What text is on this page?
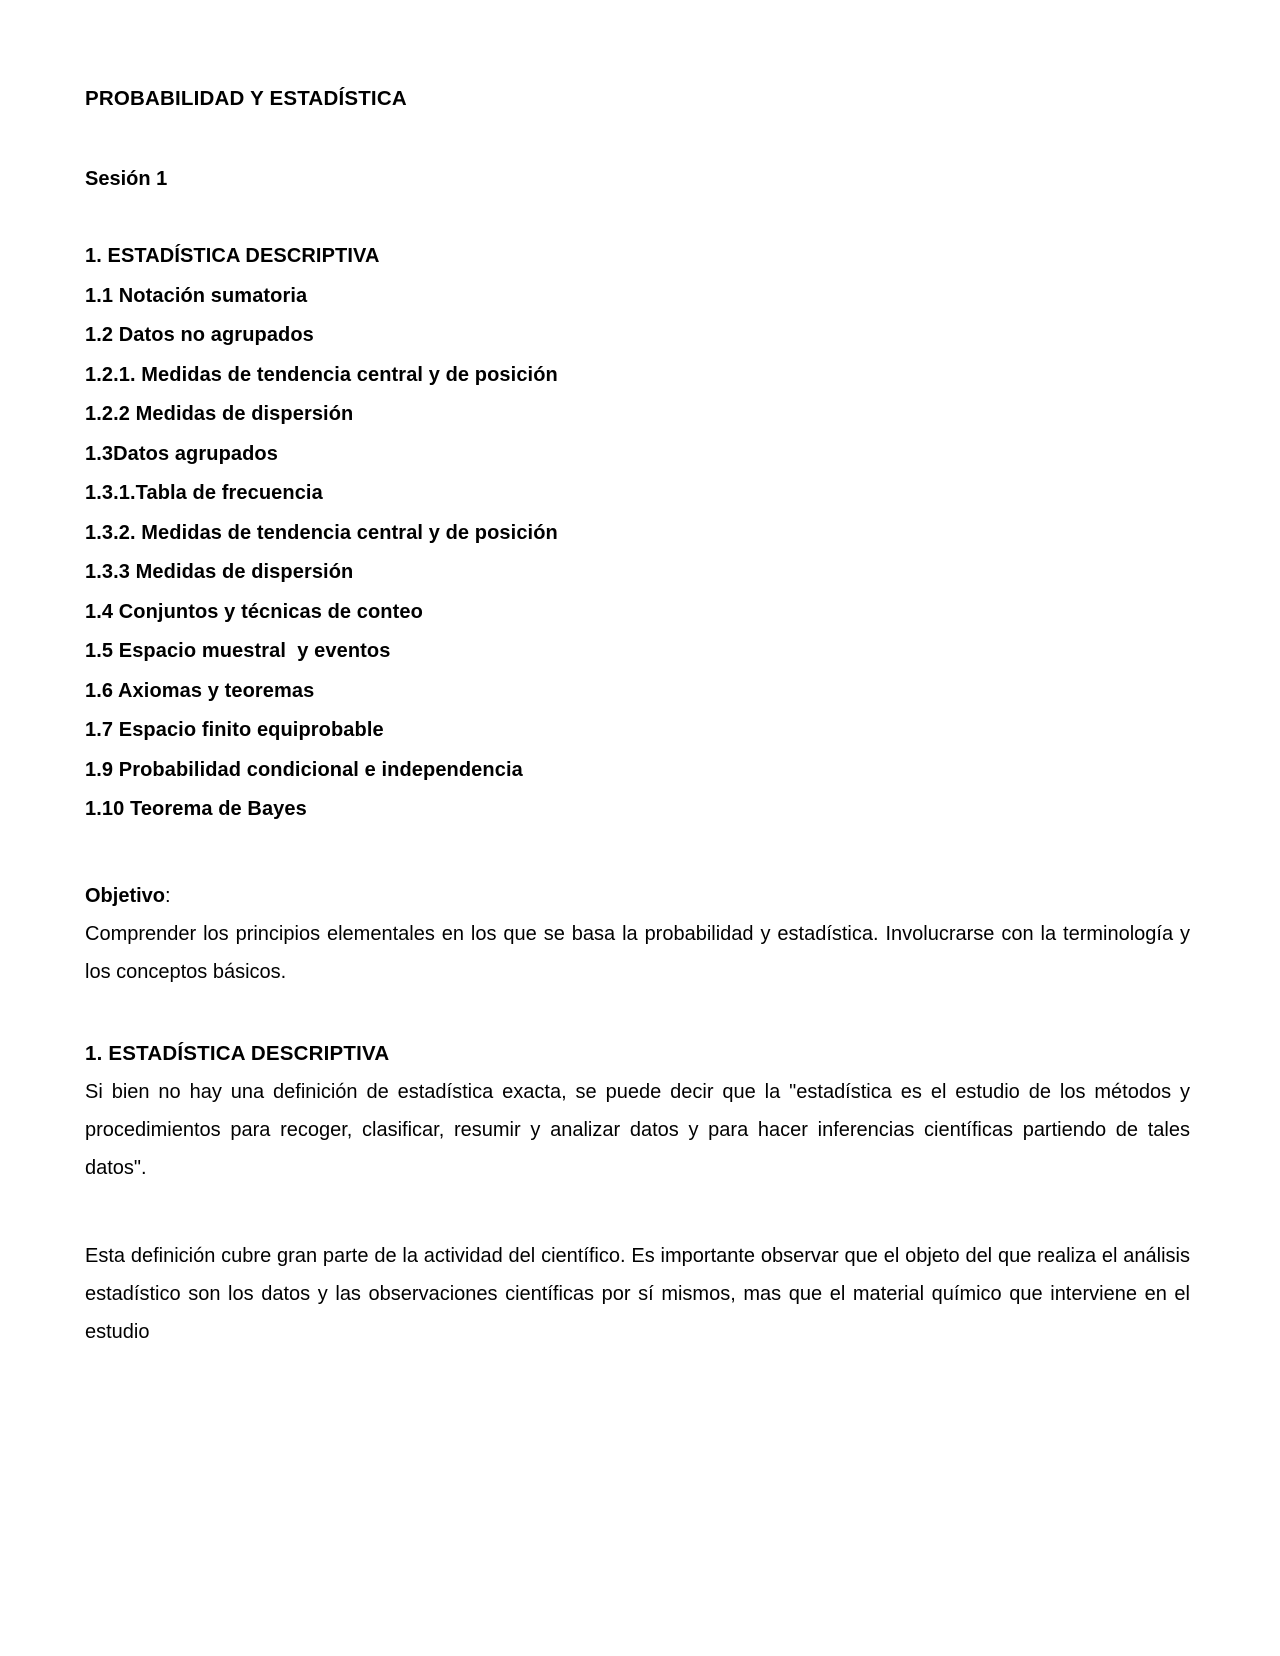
PROBABILIDAD Y ESTADÍSTICA

Sesión 1

1. ESTADÍSTICA DESCRIPTIVA

1.1 Notación sumatoria

1.2 Datos no agrupados

1.2.1. Medidas de tendencia central y de posición

1.2.2 Medidas de dispersión

1.3Datos agrupados

1.3.1.Tabla de frecuencia

1.3.2. Medidas de tendencia central y de posición

1.3.3 Medidas de dispersión

1.4 Conjuntos y técnicas de conteo

1.5 Espacio muestral  y eventos

1.6 Axiomas y teoremas

1.7 Espacio finito equiprobable

1.9 Probabilidad condicional e independencia

1.10 Teorema de Bayes

Objetivo:

Comprender los principios elementales en los que se basa la probabilidad y estadística. Involucrarse con la terminología y los conceptos básicos.

1. ESTADÍSTICA DESCRIPTIVA

Si bien no hay una definición de estadística exacta, se puede decir que la "estadística es el estudio de los métodos y procedimientos para recoger, clasificar, resumir y analizar datos y para hacer inferencias científicas partiendo de tales datos".

Esta definición cubre gran parte de la actividad del científico. Es importante observar que el objeto del que realiza el análisis estadístico son los datos y las observaciones científicas por sí mismos, mas que el material químico que interviene en el estudio
